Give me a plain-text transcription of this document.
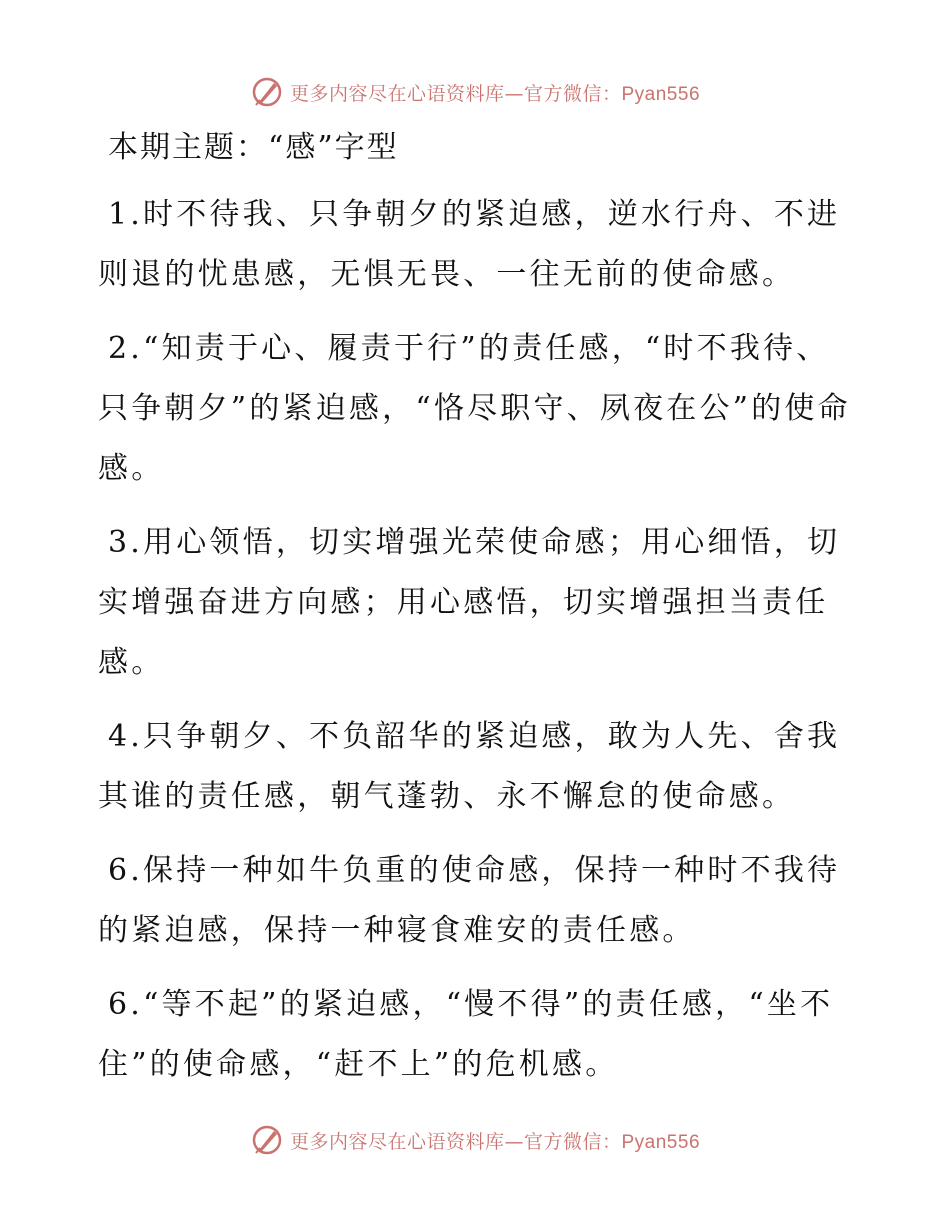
更多内容尽在心语资料库—官方微信：Pyan556
本期主题：“感”字型

1.时不待我、只争朝夕的紧迫感，逆水行舟、不进则退的忧患感，无惧无畏、一往无前的使命感。

2.“知责于心、履责于行”的责任感，“时不我待、只争朝夕”的紧迫感，“恪尽职守、夙夜在公”的使命感。

3.用心领悟，切实增强光荣使命感；用心细悟，切实增强奋进方向感；用心感悟，切实增强担当责任感。

4.只争朝夕、不负韶华的紧迫感，敢为人先、舍我其谁的责任感，朝气蓬勃、永不懈怠的使命感。

6.保持一种如牛负重的使命感，保持一种时不我待的紧迫感，保持一种寝食难安的责任感。

6.“等不起”的紧迫感，“慢不得”的责任感，“坐不住”的使命感，“赶不上”的危机感。

更多内容尽在心语资料库—官方微信：Pyan556
